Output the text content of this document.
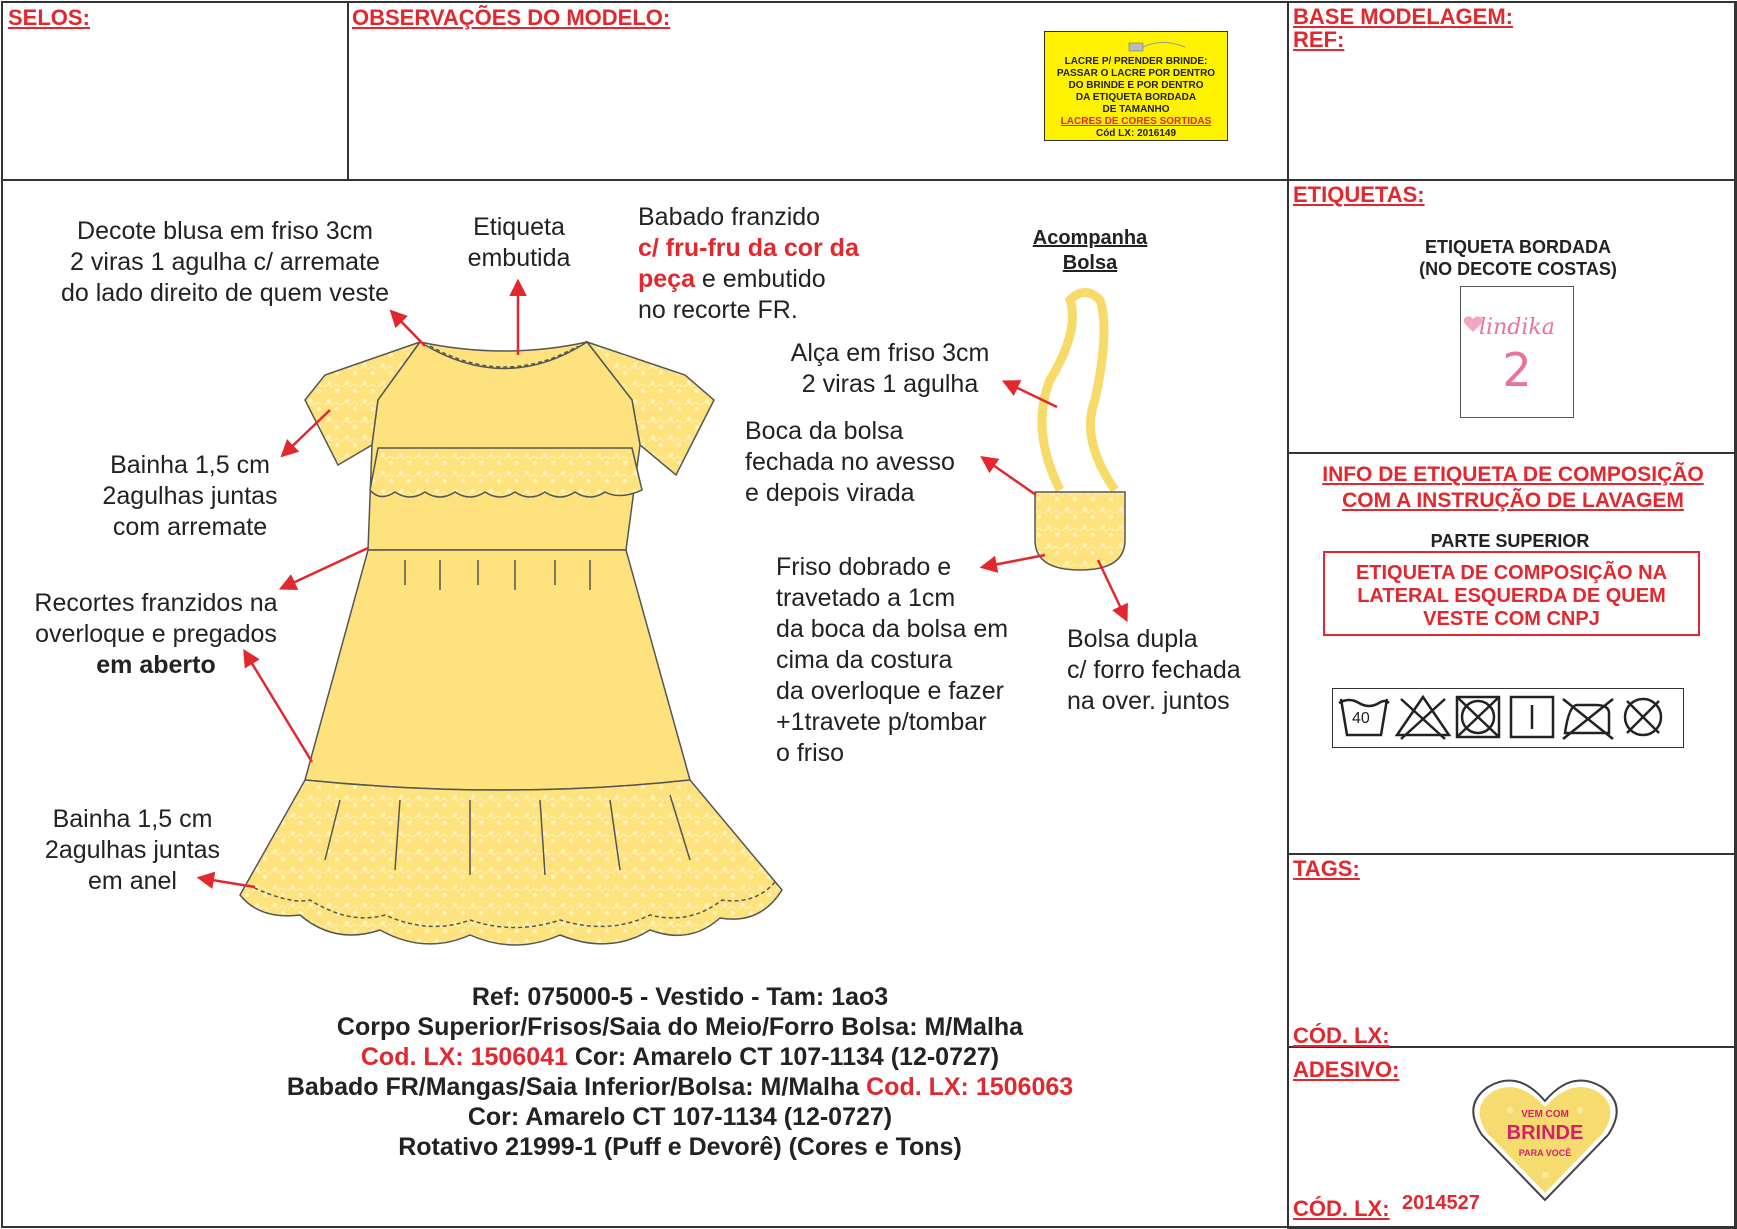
SELOS:	OBSERVAÇÕES DO MODELO:	BASE MODELAGEM:
REF:
LACRE P/ PRENDER BRINDE:
PASSAR O LACRE POR DENTRO
DO BRINDE E POR DENTRO
DA ETIQUETA BORDADA
DE TAMANHO
LACRES DE CORES SORTIDAS
Cód LX: 2016149
Decote blusa em friso 3cm
2 viras 1 agulha c/ arremate
do lado direito de quem veste
Etiqueta
embutida
Babado franzido
c/ fru-fru da cor da
peça e embutido
no recorte FR.
Bainha 1,5 cm
2agulhas juntas
com arremate
Recortes franzidos na
overloque e pregados
em aberto
Bainha 1,5 cm
2agulhas juntas
em anel
Acompanha
Bolsa
Alça em friso 3cm
2 viras 1 agulha
Boca da bolsa
fechada no avesso
e depois virada
Friso dobrado e
travetado a 1cm
da boca da bolsa em
cima da costura
da overloque e fazer
+1travete p/tombar
o friso
Bolsa dupla
c/ forro fechada
na over. juntos
Ref: 075000-5 - Vestido - Tam: 1ao3
Corpo Superior/Frisos/Saia do Meio/Forro Bolsa: M/Malha
Cod. LX: 1506041 Cor: Amarelo CT 107-1134 (12-0727)
Babado FR/Mangas/Saia Inferior/Bolsa: M/Malha Cod. LX: 1506063
Cor: Amarelo CT 107-1134 (12-0727)
Rotativo 21999-1 (Puff e Devorê) (Cores e Tons)
ETIQUETAS:
ETIQUETA BORDADA
(NO DECOTE COSTAS)
lindika
2
INFO DE ETIQUETA DE COMPOSIÇÃO
COM A INSTRUÇÃO DE LAVAGEM
PARTE SUPERIOR
ETIQUETA DE COMPOSIÇÃO NA
LATERAL ESQUERDA DE QUEM
VESTE COM CNPJ
40
TAGS:
CÓD. LX:
ADESIVO:
CÓD. LX: 2014527
VEM COM
BRINDE
PARA VOCÊ
